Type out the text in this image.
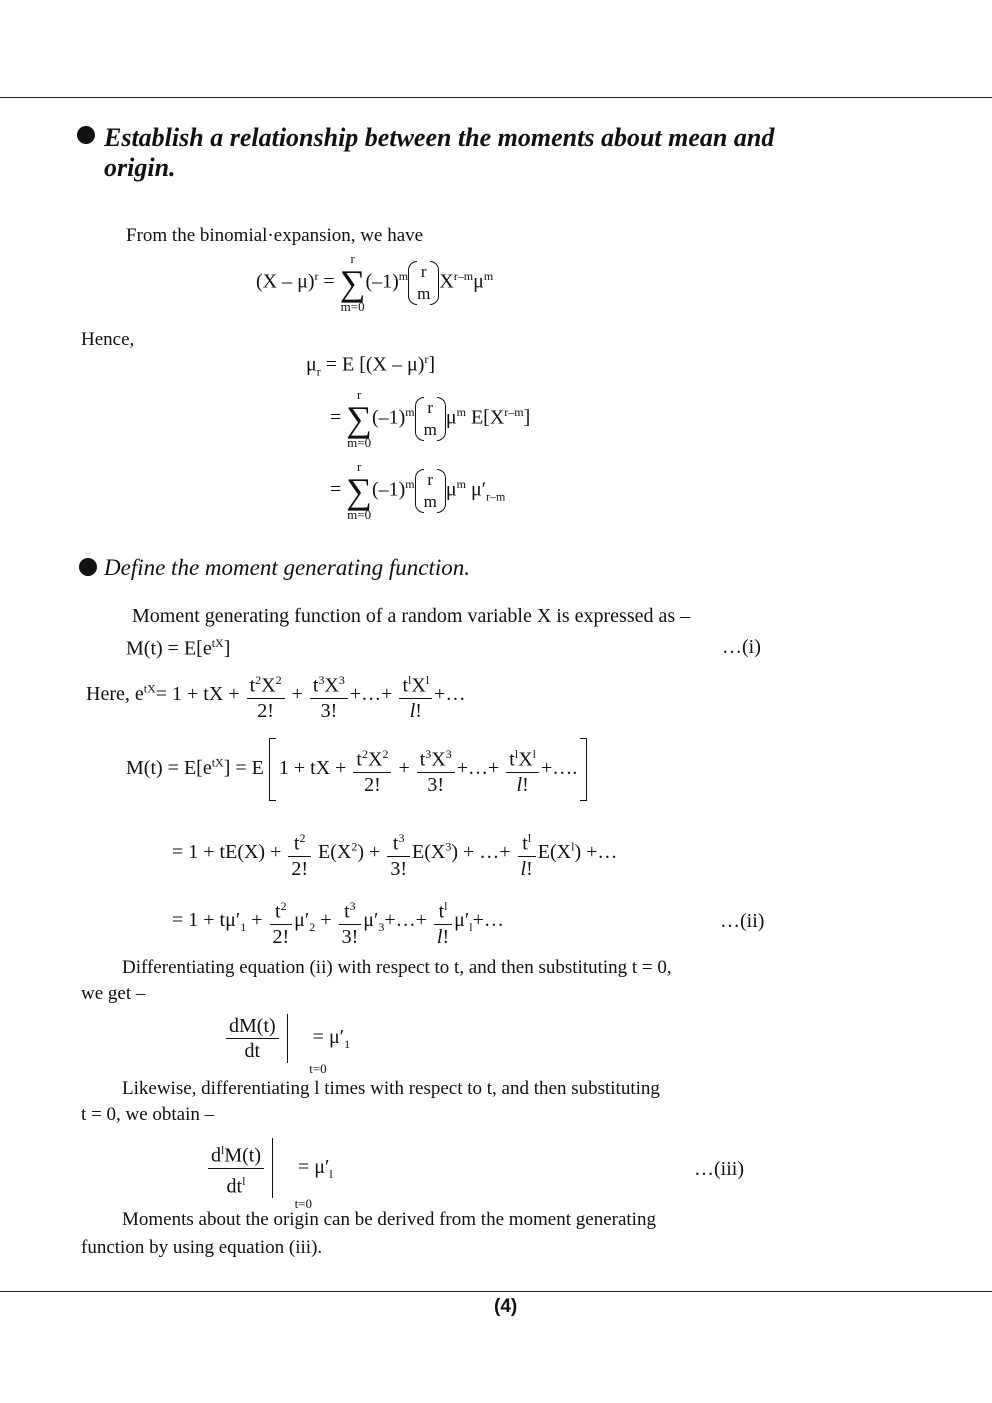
Establish a relationship between the moments about mean and
origin.
From the binomial·expansion, we have
(X – μ)$^r$ =
r
∑
m=0
$(-1)^m$ r
$mX^{r-m}\mu^m$
Hence,
$\mu_r = E$ [(X – μ)$^r$]
=
r
∑
m=0
$(-1)^m$ r
$m\mu^m$ $E[X^{r-m}]$
=
r
∑
m=0
$(-1)^m$ r
$m\mu^m$ $\mu'_{r-m}$
Define the moment generating function.
Moment generating function of a random variable X is expressed as –
$M(t) = E[e^{tX}]$	…(i)
Here, $e^{tX}= 1$ + tX + $\frac{t^2X^2}{2!} + \frac{t^3X^3}{3!}$ +…+ $\frac{t^lX^l}{l!}$ +…
$M(t) = E[e^{tX}] = E$ 1 + tX + $\frac{t^2X^2}{2!} + \frac{t^3X^3}{3!}$ +…+ $\frac{t^lX^l}{l!}$ +….
= $1 + tE(X) + \frac{t^2}{2!} E(X^2) + \frac{t^3}{3!} E(X^3)$ + …+ $\frac{t^l}{l!} E(X^l)$ +…
= $1 + t\mu'_1 + \frac{t^2}{2!} \mu'_2 + \frac{t^3}{3!}$ $\mu'_3+\dots+ \frac{t^l}{l!}$ $\mu'_l+\dots$	…(ii)
Differentiating equation (ii) with respect to t, and then substituting t = 0,
we get –
$\frac{dM(t)}{dt}$
t=0
= $\mu'_1$
Likewise, differentiating l times with respect to t, and then substituting
t = 0, we obtain –
$\frac{d^lM(t)}{dt^l}$
t=0
= $\mu'_l$	…(iii)
Moments about the origin can be derived from the moment generating
function by using equation (iii).
(4)
